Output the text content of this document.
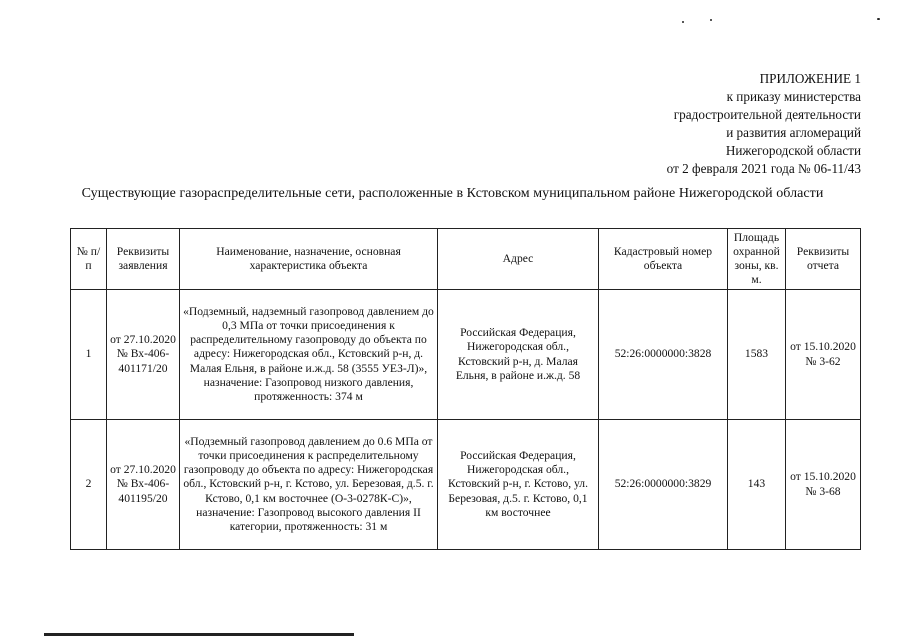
ПРИЛОЖЕНИЕ 1
к приказу министерства
градостроительной деятельности
и развития агломераций
Нижегородской области
от 2 февраля 2021 года № 06-11/43
Существующие газораспределительные сети, расположенные в Кстовском муниципальном районе Нижегородской области
№ п/п	Реквизиты заявления	Наименование, назначение, основная характеристика объекта	Адрес	Кадастровый номер объекта	Площадь охранной зоны, кв. м.	Реквизиты отчета
1	от 27.10.2020 № Вх-406-401171/20	«Подземный, надземный газопровод давлением до 0,3 МПа от точки присоединения к распределительному газопроводу до объекта по адресу: Нижегородская обл., Кстовский р-н, д. Малая Ельня, в районе и.ж.д. 58 (3555 УЕЗ-Л)», назначение: Газопровод низкого давления, протяженность: 374 м	Российская Федерация, Нижегородская обл., Кстовский р-н, д. Малая Ельня, в районе и.ж.д. 58	52:26:0000000:3828	1583	от 15.10.2020 № 3-62
2	от 27.10.2020 № Вх-406-401195/20	«Подземный газопровод давлением до 0.6 МПа от точки присоединения к распределительному газопроводу до объекта по адресу: Нижегородская обл., Кстовский р-н, г. Кстово, ул. Березовая, д.5. г. Кстово, 0,1 км восточнее (О-3-0278К-С)», назначение: Газопровод высокого давления II категории, протяженность: 31 м	Российская Федерация, Нижегородская обл., Кстовский р-н, г. Кстово, ул. Березовая, д.5. г. Кстово, 0,1 км восточнее	52:26:0000000:3829	143	от 15.10.2020 № 3-68
